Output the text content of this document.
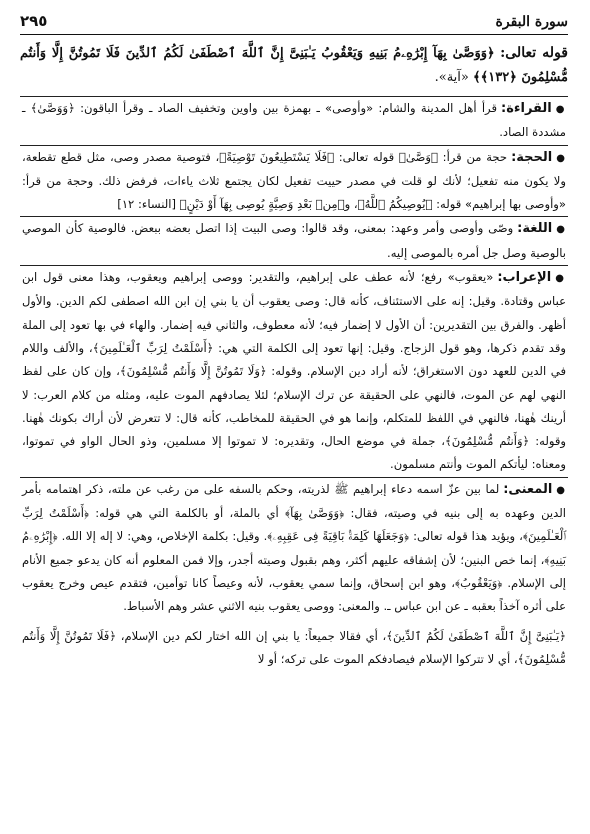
سورة البقرة
٢٩٥
قوله تعالى: ﴿وَوَصَّىٰ بِهَآ إِبْرَٰهِۦمُ بَنِيهِ وَيَعْقُوبُ يَـٰبَنِىَّ إِنَّ ٱللَّهَ ٱصْطَفَىٰ لَكُمُ ٱلدِّينَ فَلَا تَمُوتُنَّ إِلَّا وَأَنتُم مُّسْلِمُونَ ﴿١٣٢﴾﴾ «آية».

●القراءة:قرأ أهل المدينة والشام: «وأوصى» ـ بهمزة بين واوين وتخفيف الصاد ـ وقرأ الباقون: ﴿وَوَصَّىٰ﴾ ـ مشددة الصاد.

●الحجة:حجة من قرأ: ﴿وَصَّىٰ﴾ قوله تعالى: ﴿فَلَا يَسْتَطِيعُونَ تَوْصِيَةً﴾، فتوصية مصدر وصى، مثل قطع تقطعة، ولا يكون منه تفعيل؛ لأنك لو قلت في مصدر حييت تفعيل لكان يجتمع ثلاث ياءات، فرفض ذلك. وحجة من قرأ: «وأوصى بها إبراهيم» قوله: ﴿يُوصِيكُمُ ٱللَّهُ﴾، و﴿مِنۢ بَعْدِ وَصِيَّةٍ يُوصِى بِهَآ أَوْ دَيْنٍ﴾ [النساء: ١٢]

●اللغة:وصّى وأوصى وأمر وعهد: بمعنى، وقد قالوا: وصى البيت إذا اتصل بعضه ببعض. فالوصية كأن الموصي بالوصية وصل جل أمره بالموصى إليه.

●الإعراب:«يعقوب» رفع؛ لأنه عطف على إبراهيم، والتقدير: ووصى إبراهيم ويعقوب، وهذا معنى قول ابن عباس وقتادة. وقيل: إنه على الاستئناف، كأنه قال: وصى يعقوب أن يا بني إن ابن الله اصطفى لكم الدين. والأول أظهر. والفرق بين التقديرين: أن الأول لا إضمار فيه؛ لأنه معطوف، والثاني فيه إضمار. والهاء في بها تعود إلى الملة وقد تقدم ذكرها، وهو قول الزجاج. وقيل: إنها تعود إلى الكلمة التي هي: ﴿أَسْلَمْتُ لِرَبِّ ٱلْعَـٰلَمِينَ﴾، والألف واللام في الدين للعهد دون الاستغراق؛ لأنه أراد دين الإسلام. وقوله: ﴿وَلَا تَمُوتُنَّ إِلَّا وَأَنتُم مُّسْلِمُونَ﴾، وإن كان على لفظ النهي لهم عن الموت، فالنهي على الحقيقة عن ترك الإسلام؛ لئلا يصادفهم الموت عليه، ومثله من كلام العرب: لا أرينك هٰهنا، فالنهي في اللفظ للمتكلم، وإنما هو في الحقيقة للمخاطب، كأنه قال: لا تتعرض لأن أراك بكونك هٰهنا. وقوله: ﴿وَأَنتُم مُّسْلِمُونَ﴾، جملة في موضع الحال، وتقديره: لا تموتوا إلا مسلمين، وذو الحال الواو في تموتوا، ومعناه: ليأتكم الموت وأنتم مسلمون.

●المعنى:لما بين عزّ اسمه دعاء إبراهيم ﷺ لذريته، وحكم بالسفه على من رغب عن ملته، ذكر اهتمامه بأمر الدين وعهده به إلى بنيه في وصيته، فقال: ﴿وَوَصَّىٰ بِهَآ﴾ أي بالملة، أو بالكلمة التي هي قوله: ﴿أَسْلَمْتُ لِرَبِّ ٱلْعَـٰلَمِينَ﴾، ويؤيد هذا قوله تعالى: ﴿وَجَعَلَهَا كَلِمَةًۢ بَاقِيَةً فِى عَقِبِهِۦ﴾. وقيل: بكلمة الإخلاص، وهي: لا إله إلا الله. ﴿إِبْرَٰهِۦمُ بَنِيهِ﴾، إنما خص البنين؛ لأن إشفاقه عليهم أكثر، وهم بقبول وصيته أجدر، وإلا فمن المعلوم أنه كان يدعو جميع الأنام إلى الإسلام. ﴿وَيَعْقُوبُ﴾، وهو ابن إسحاق، وإنما سمي يعقوب، لأنه وعيصاً كانا توأمين، فتقدم عيص وخرج يعقوب على أثره آخذاً بعقبه ـ عن ابن عباس ـ. والمعنى: ووصى يعقوب بنيه الاثني عشر وهم الأسباط.

﴿يَـٰبَنِىَّ إِنَّ ٱللَّهَ ٱصْطَفَىٰ لَكُمُ ٱلدِّينَ﴾، أي فقالا جميعاً: يا بني إن الله اختار لكم دين الإسلام، ﴿فَلَا تَمُوتُنَّ إِلَّا وَأَنتُم مُّسْلِمُونَ﴾، أي لا تتركوا الإسلام فيصادفكم الموت على تركه؛ أو لا
